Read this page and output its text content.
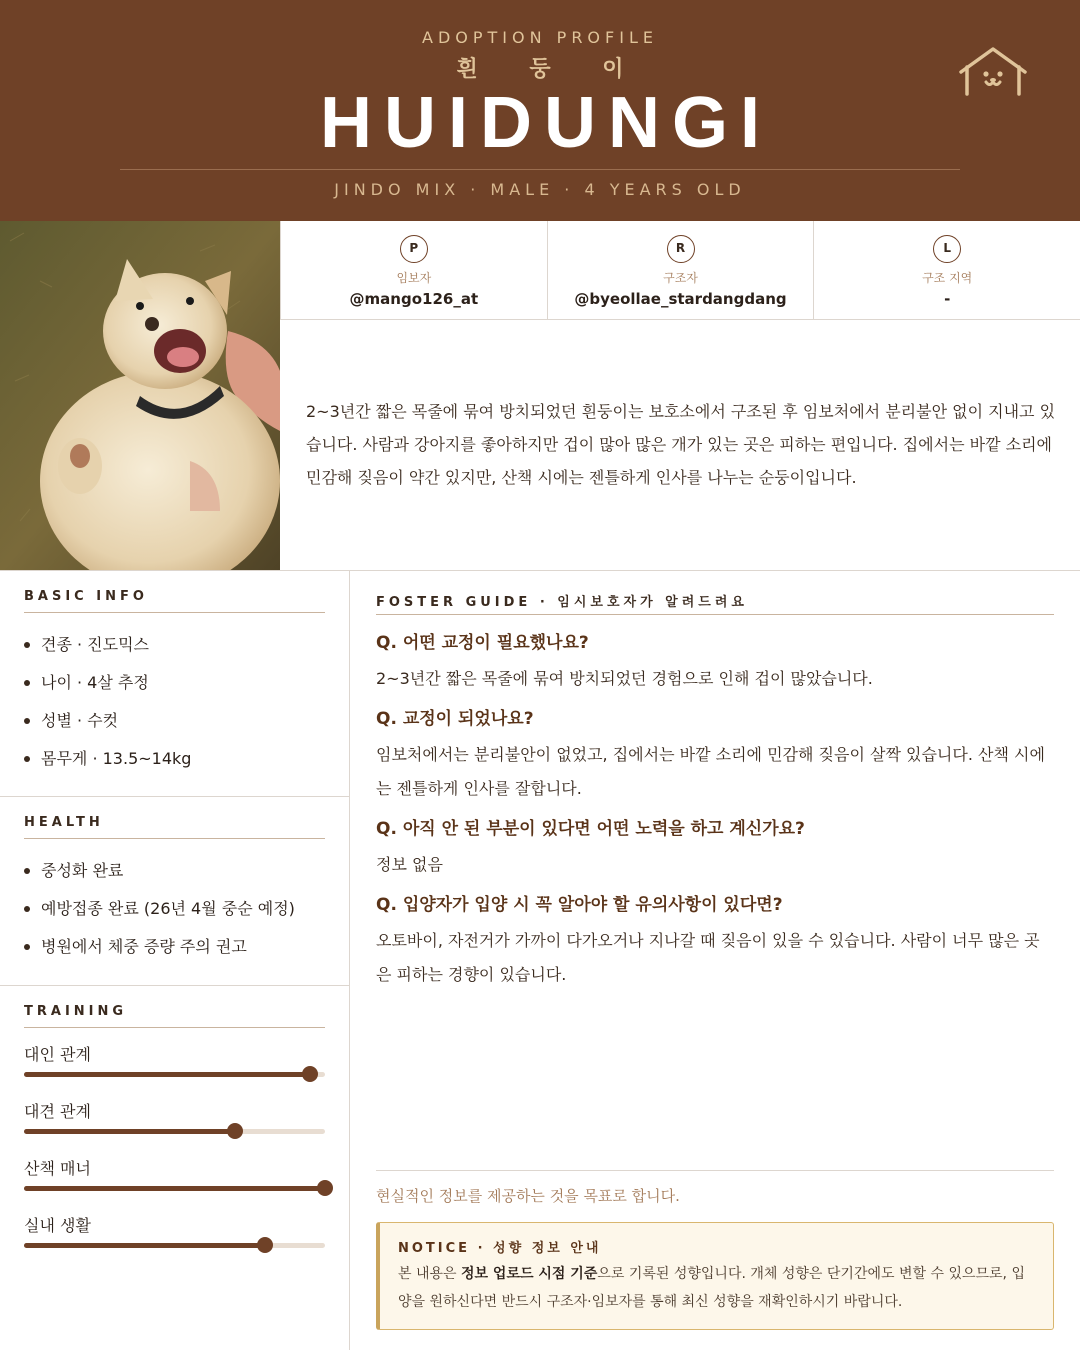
ADOPTION PROFILE
흰 둥 이
HUIDUNGI
JINDO MIX · MALE · 4 YEARS OLD
P
임보자
@mango126_at
R
구조자
@byeollae_stardangdang
L
구조 지역
-
2~3년간 짧은 목줄에 묶여 방치되었던 흰둥이는 보호소에서 구조된 후 임보처에서 분리불안 없이 지내고 있습니다. 사람과 강아지를 좋아하지만 겁이 많아 많은 개가 있는 곳은 피하는 편입니다. 집에서는 바깥 소리에 민감해 짖음이 약간 있지만, 산책 시에는 젠틀하게 인사를 나누는 순둥이입니다.
BASIC INFO
견종 · 진도믹스
나이 · 4살 추정
성별 · 수컷
몸무게 · 13.5~14kg
HEALTH
중성화 완료
예방접종 완료 (26년 4월 중순 예정)
병원에서 체중 증량 주의 권고
TRAINING
대인 관계
대견 관계
산책 매너
실내 생활
FOSTER GUIDE · 임시보호자가 알려드려요
Q. 어떤 교정이 필요했나요?
2~3년간 짧은 목줄에 묶여 방치되었던 경험으로 인해 겁이 많았습니다.
Q. 교정이 되었나요?
임보처에서는 분리불안이 없었고, 집에서는 바깥 소리에 민감해 짖음이 살짝 있습니다. 산책 시에는 젠틀하게 인사를 잘합니다.
Q. 아직 안 된 부분이 있다면 어떤 노력을 하고 계신가요?
정보 없음
Q. 입양자가 입양 시 꼭 알아야 할 유의사항이 있다면?
오토바이, 자전거가 가까이 다가오거나 지나갈 때 짖음이 있을 수 있습니다. 사람이 너무 많은 곳은 피하는 경향이 있습니다.
현실적인 정보를 제공하는 것을 목표로 합니다.
NOTICE · 성향 정보 안내
본 내용은 정보 업로드 시점 기준으로 기록된 성향입니다. 개체 성향은 단기간에도 변할 수 있으므로, 입양을 원하신다면 반드시 구조자·임보자를 통해 최신 성향을 재확인하시기 바랍니다.
